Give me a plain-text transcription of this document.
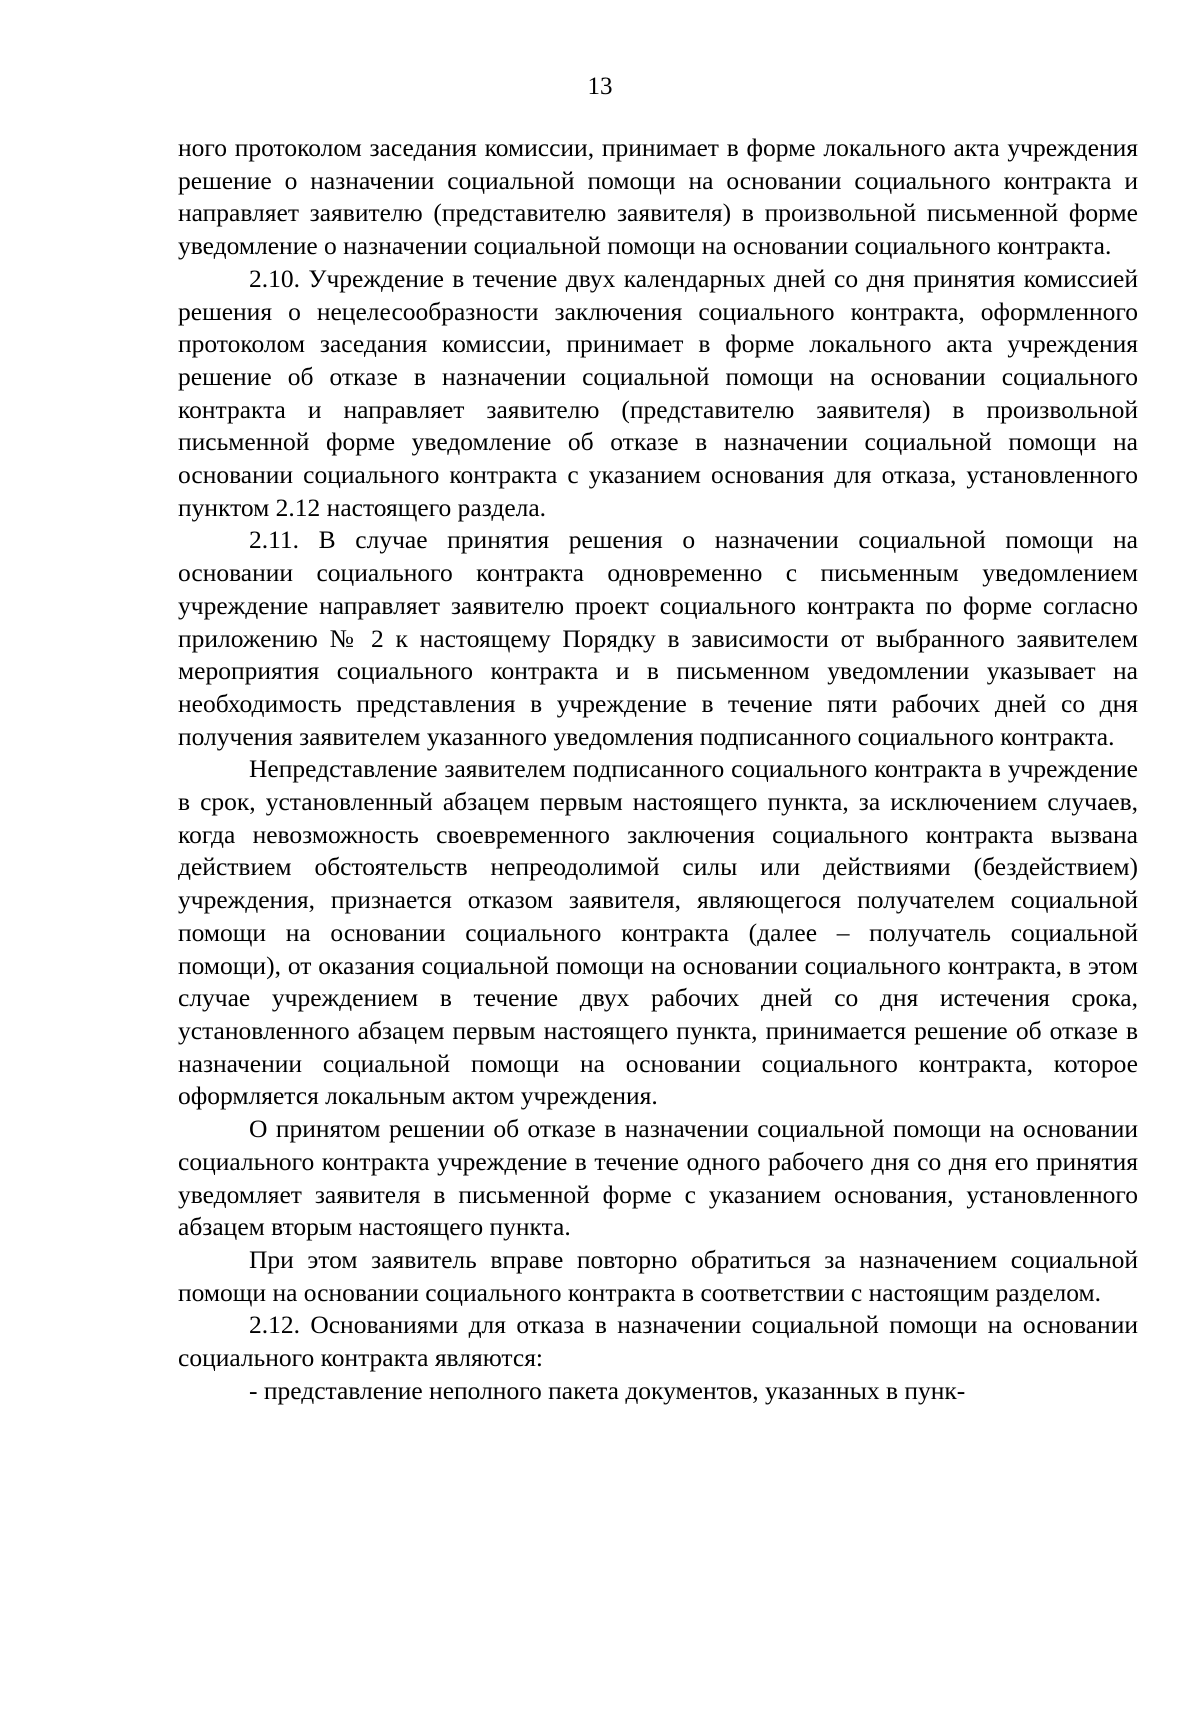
13

ного протоколом заседания комиссии, принимает в форме локального акта учреждения решение о назначении социальной помощи на основании социального контракта и направляет заявителю (представителю заявителя) в произвольной письменной форме уведомление о назначении социальной помощи на основании социального контракта.

2.10. Учреждение в течение двух календарных дней со дня принятия комиссией решения о нецелесообразности заключения социального контракта, оформленного протоколом заседания комиссии, принимает в форме локального акта учреждения решение об отказе в назначении социальной помощи на основании социального контракта и направляет заявителю (представителю заявителя) в произвольной письменной форме уведомление об отказе в назначении социальной помощи на основании социального контракта с указанием основания для отказа, установленного пунктом 2.12 настоящего раздела.

2.11. В случае принятия решения о назначении социальной помощи на основании социального контракта одновременно с письменным уведомлением учреждение направляет заявителю проект социального контракта по форме согласно приложению № 2 к настоящему Порядку в зависимости от выбранного заявителем мероприятия социального контракта и в письменном уведомлении указывает на необходимость представления в учреждение в течение пяти рабочих дней со дня получения заявителем указанного уведомления подписанного социального контракта.

Непредставление заявителем подписанного социального контракта в учреждение в срок, установленный абзацем первым настоящего пункта, за исключением случаев, когда невозможность своевременного заключения социального контракта вызвана действием обстоятельств непреодолимой силы или действиями (бездействием) учреждения, признается отказом заявителя, являющегося получателем социальной помощи на основании социального контракта (далее – получатель социальной помощи), от оказания социальной помощи на основании социального контракта, в этом случае учреждением в течение двух рабочих дней со дня истечения срока, установленного абзацем первым настоящего пункта, принимается решение об отказе в назначении социальной помощи на основании социального контракта, которое оформляется локальным актом учреждения.

О принятом решении об отказе в назначении социальной помощи на основании социального контракта учреждение в течение одного рабочего дня со дня его принятия уведомляет заявителя в письменной форме с указанием основания, установленного абзацем вторым настоящего пункта.

При этом заявитель вправе повторно обратиться за назначением социальной помощи на основании социального контракта в соответствии с настоящим разделом.

2.12. Основаниями для отказа в назначении социальной помощи на основании социального контракта являются:

- представление неполного пакета документов, указанных в пунк-
